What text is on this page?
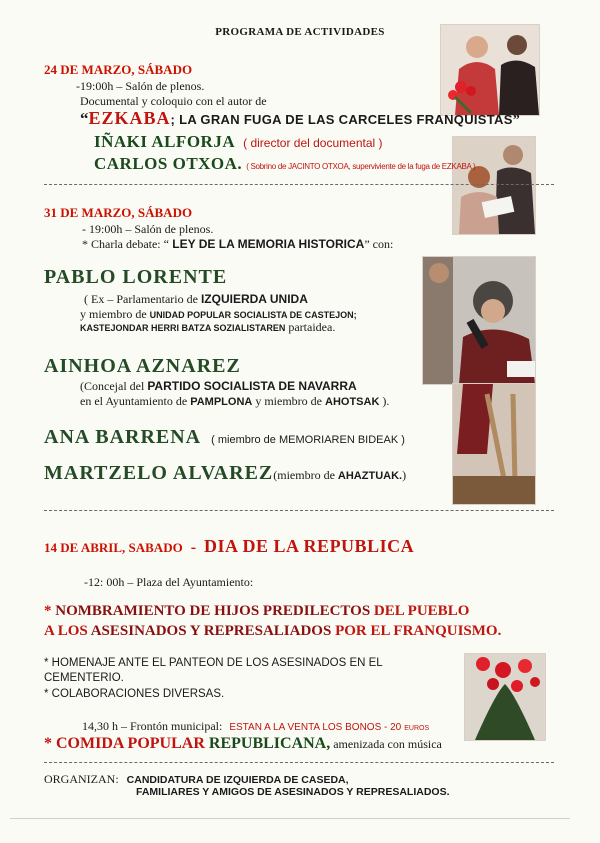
PROGRAMA DE ACTIVIDADES
24 DE MARZO, SÁBADO
-19:00h – Salón de plenos.
Documental y coloquio con el autor de
“EZKABA; LA GRAN FUGA DE LAS CARCELES FRANQUISTAS”
IÑAKI ALFORJA ( director del documental )
CARLOS OTXOA. ( Sobrino de JACINTO OTXOA, superviviente de la fuga de EZKABA )
31 DE MARZO, SÁBADO
- 19:00h – Salón de plenos.
* Charla debate: “ LEY DE LA MEMORIA HISTORICA” con:
PABLO LORENTE
( Ex – Parlamentario de IZQUIERDA UNIDA
y miembro de UNIDAD POPULAR SOCIALISTA DE CASTEJON;
KASTEJONDAR HERRI BATZA SOZIALISTAREN partaidea.
AINHOA AZNAREZ
(Concejal del PARTIDO SOCIALISTA DE NAVARRA
en el Ayuntamiento de PAMPLONA y miembro de AHOTSAK ).
ANA BARRENA ( miembro de MEMORIAREN BIDEAK )
MARTZELO ALVAREZ(miembro de AHAZTUAK.)
14 DE ABRIL, SABADO - DIA DE LA REPUBLICA
-12: 00h – Plaza del Ayuntamiento:
* NOMBRAMIENTO DE HIJOS PREDILECTOS DEL PUEBLO
A LOS ASESINADOS Y REPRESALIADOS POR EL FRANQUISMO.
* HOMENAJE ANTE EL PANTEON DE LOS ASESINADOS EN EL
CEMENTERIO.
* COLABORACIONES DIVERSAS.
14,30 h – Frontón municipal: ESTAN A LA VENTA LOS BONOS - 20 EUROS
* COMIDA POPULAR REPUBLICANA, amenizada con música
ORGANIZAN: CANDIDATURA DE IZQUIERDA DE CASEDA,
FAMILIARES Y AMIGOS DE ASESINADOS Y REPRESALIADOS.
